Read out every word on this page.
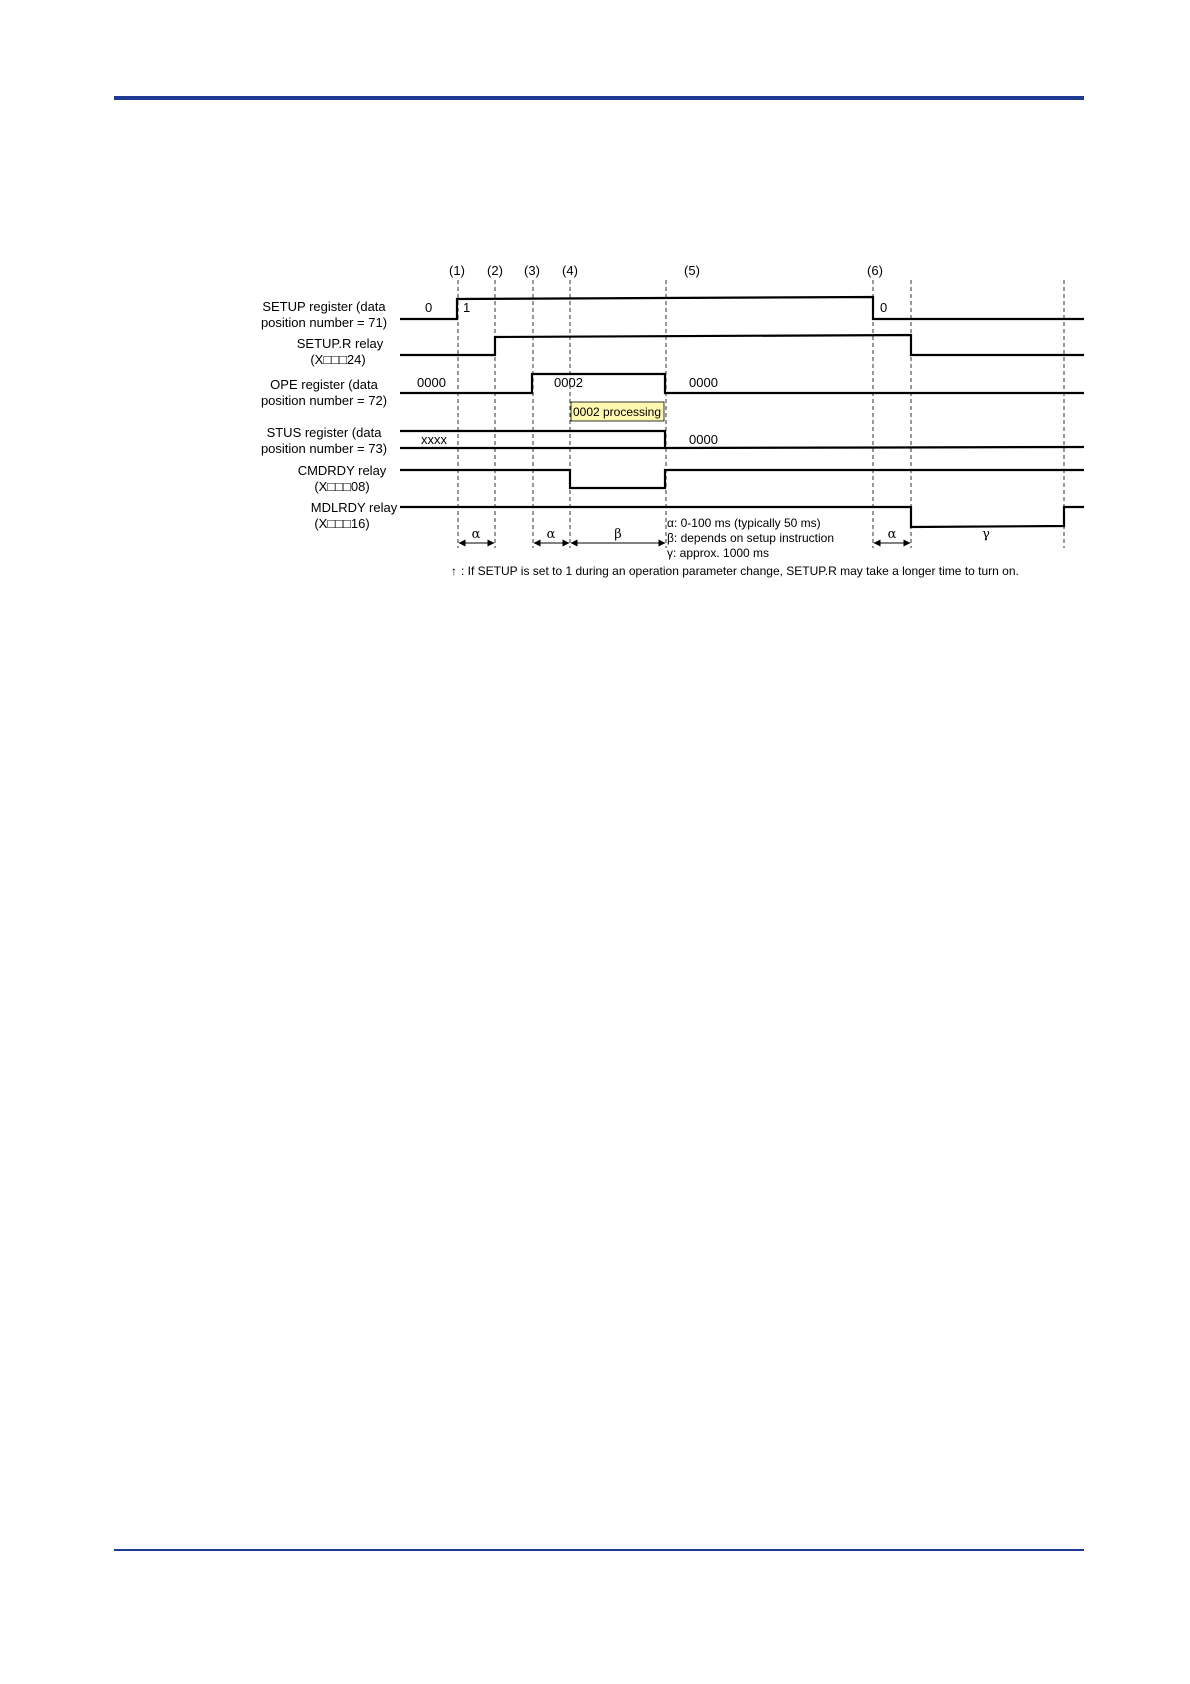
(1) (2) (3) (4)	(5)	(6)
SETUP register (data
position number = 71)
SETUP.R relay
(X□□□24)
OPE register (data
position number = 72)
STUS register (data
position number = 73)
CMDRDY relay
(X□□□08)
MDLRDY relay
(X□□□16)
0 1	0
0000	0002	0000
xxxx	0000
0002 processing
α	α	β	α	γ
α: 0-100 ms (typically 50 ms)
β: depends on setup instruction
γ: approx. 1000 ms
↑ : If SETUP is set to 1 during an operation parameter change, SETUP.R may take a longer time to turn on.
